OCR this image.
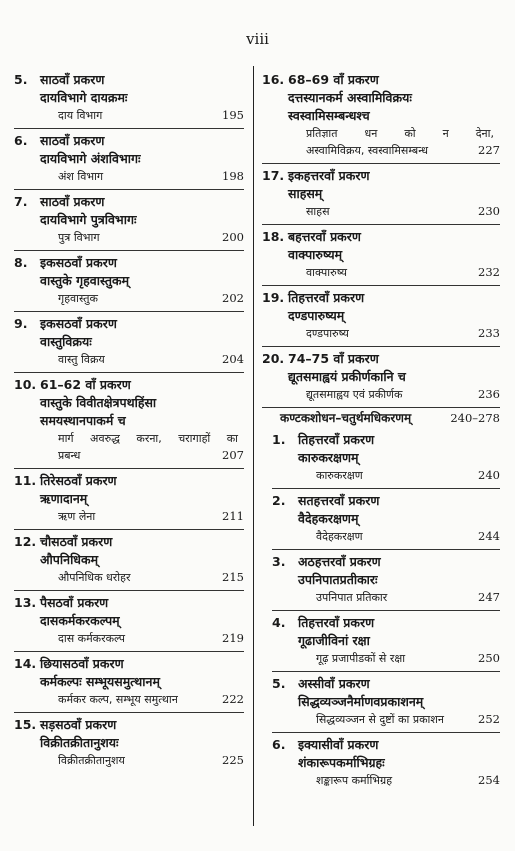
viii
5.	साठवाँ प्रकरण
दायविभागे दायक्रमः
दाय विभाग	195
6.	साठवाँ प्रकरण
दायविभागे अंशविभागः
अंश विभाग	198
7.	साठवाँ प्रकरण
दायविभागे पुत्रविभागः
पुत्र विभाग	200
8.	इकसठवाँ प्रकरण
वास्तुके गृहवास्तुकम्
गृहवास्तुक	202
9.	इकसठवाँ प्रकरण
वास्तुविक्रयः
वास्तु विक्रय	204
10. 61–62 वाँ प्रकरण
वास्तुके विवीतक्षेत्रपथहिंसा
समयस्थानपाकर्म च
मार्ग अवरुद्ध करना, चरागाहों का
प्रबन्ध	207
11. तिरेसठवाँ प्रकरण
ऋणादानम्
ऋण लेना	211
12. चौसठवाँ प्रकरण
औपनिधिकम्
औपनिधिक धरोहर	215
13. पैसठवाँ प्रकरण
दासकर्मकरकल्पम्
दास कर्मकरकल्प	219
14. छियासठवाँ प्रकरण
कर्मकल्पः सम्भूयसमुत्थानम्
कर्मकर कल्प, सम्भूय समुत्थान	222
15. सड़सठवाँ प्रकरण
विक्रीतक्रीतानुशयः
विक्रीतक्रीतानुशय	225
16. 68–69 वाँ प्रकरण
दत्तस्यानकर्म अस्वामिविक्रयः
स्वस्वामिसम्बन्धश्च
प्रतिज्ञात धन को न देना,
अस्वामिविक्रय, स्वस्वामिसम्बन्ध	227
17. इकहत्तरवाँ प्रकरण
साहसम्
साहस	230
18. बहत्तरवाँ प्रकरण
वाक्पारुष्यम्
वाक्पारुष्य	232
19. तिहत्तरवाँ प्रकरण
दण्डपारुष्यम्
दण्डपारुष्य	233
20. 74–75 वाँ प्रकरण
द्यूतसमाह्वयं प्रकीर्णकानि च
द्यूतसमाह्वय एवं प्रकीर्णक	236
कण्टकशोधन–चतुर्थमधिकरणम्	240–278
1.	तिहत्तरवाँ प्रकरण
कारुकरक्षणम्
कारुकरक्षण	240
2.	सतहत्तरवाँ प्रकरण
वैदेहकरक्षणम्
वैदेहकरक्षण	244
3.	अठहत्तरवाँ प्रकरण
उपनिपातप्रतीकारः
उपनिपात प्रतिकार	247
4.	तिहत्तरवाँ प्रकरण
गूढाजीविनां रक्षा
गूढ़ प्रजापीडकों से रक्षा	250
5.	अस्सीवाँ प्रकरण
सिद्धव्यञ्जनैर्माणवप्रकाशनम्
सिद्धव्यञ्जन से दुष्टों का प्रकाशन	252
6.	इक्यासीवाँ प्रकरण
शंकारूपकर्माभिग्रहः
शङ्कारूप कर्माभिग्रह	254
